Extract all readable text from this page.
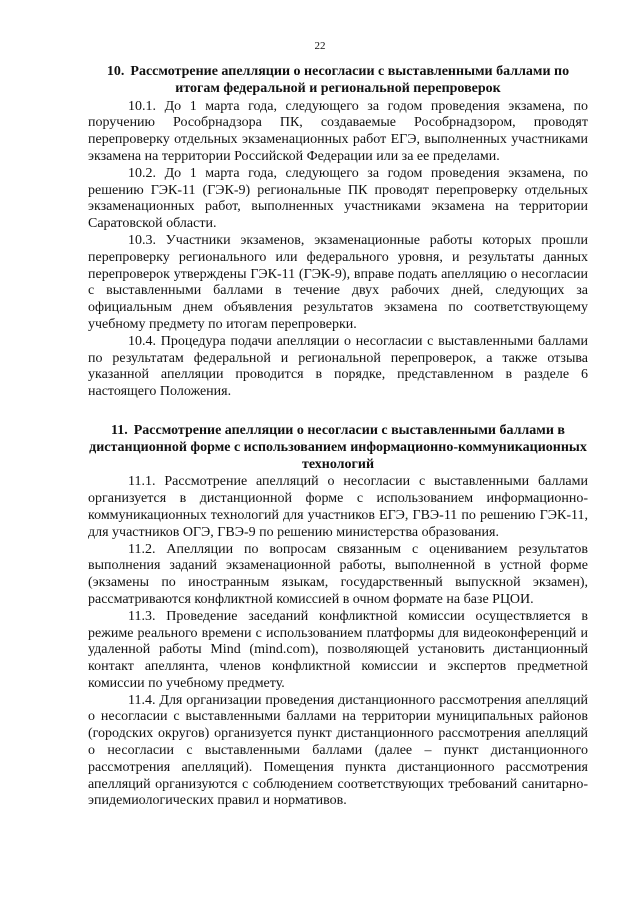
22

10. Рассмотрение апелляции о несогласии с выставленными баллами по итогам федеральной и региональной перепроверок

10.1. До 1 марта года, следующего за годом проведения экзамена, по поручению Рособрнадзора ПК, создаваемые Рособрнадзором, проводят перепроверку отдельных экзаменационных работ ЕГЭ, выполненных участниками экзамена на территории Российской Федерации или за ее пределами.

10.2. До 1 марта года, следующего за годом проведения экзамена, по решению ГЭК-11 (ГЭК-9) региональные ПК проводят перепроверку отдельных экзаменационных работ, выполненных участниками экзамена на территории Саратовской области.

10.3. Участники экзаменов, экзаменационные работы которых прошли перепроверку регионального или федерального уровня, и результаты данных перепроверок утверждены ГЭК-11 (ГЭК-9), вправе подать апелляцию о несогласии с выставленными баллами в течение двух рабочих дней, следующих за официальным днем объявления результатов экзамена по соответствующему учебному предмету по итогам перепроверки.

10.4. Процедура подачи апелляции о несогласии с выставленными баллами по результатам федеральной и региональной перепроверок, а также отзыва указанной апелляции проводится в порядке, представленном в разделе 6 настоящего Положения.

11. Рассмотрение апелляции о несогласии с выставленными баллами в дистанционной форме с использованием информационно-коммуникационных технологий

11.1. Рассмотрение апелляций о несогласии с выставленными баллами организуется в дистанционной форме с использованием информационно-коммуникационных технологий для участников ЕГЭ, ГВЭ-11 по решению ГЭК-11, для участников ОГЭ, ГВЭ-9 по решению министерства образования.

11.2. Апелляции по вопросам связанным с оцениванием результатов выполнения заданий экзаменационной работы, выполненной в устной форме (экзамены по иностранным языкам, государственный выпускной экзамен), рассматриваются конфликтной комиссией в очном формате на базе РЦОИ.

11.3. Проведение заседаний конфликтной комиссии осуществляется в режиме реального времени с использованием платформы для видеоконференций и удаленной работы Mind (mind.com), позволяющей установить дистанционный контакт апеллянта, членов конфликтной комиссии и экспертов предметной комиссии по учебному предмету.

11.4. Для организации проведения дистанционного рассмотрения апелляций о несогласии с выставленными баллами на территории муниципальных районов (городских округов) организуется пункт дистанционного рассмотрения апелляций о несогласии с выставленными баллами (далее – пункт дистанционного рассмотрения апелляций). Помещения пункта дистанционного рассмотрения апелляций организуются с соблюдением соответствующих требований санитарно-эпидемиологических правил и нормативов.
